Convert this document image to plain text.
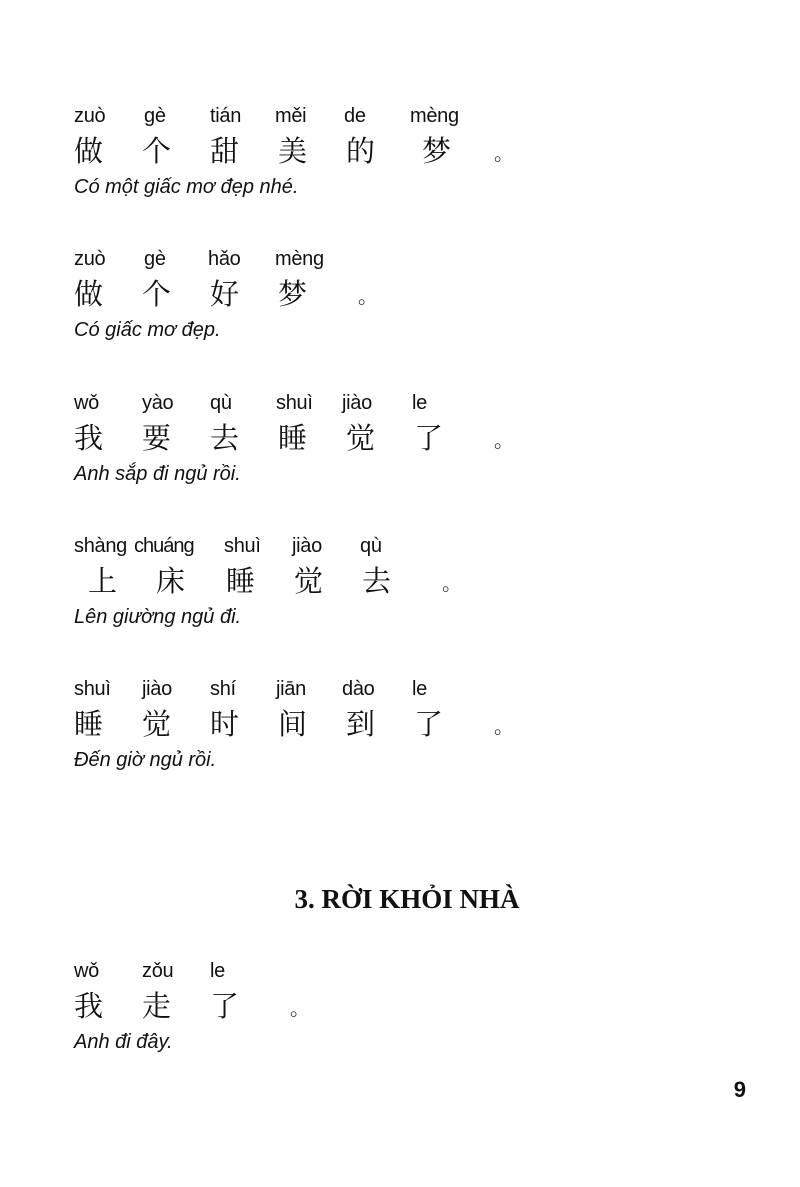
zuò gè tián měi de mèng
做 个 甜 美 的 梦 。
Có một giấc mơ đẹp nhé.
zuò gè hǎo mèng
做 个 好 梦	。
Có giấc mơ đẹp.
wǒ yào qù shuì jiào le
我 要 去 睡 觉 了	。
Anh sắp đi ngủ rồi.
shàng chuáng shuì jiào qù
上 床 睡 觉 去	。
Lên giường ngủ đi.
shuì jiào shí jiān dào le
睡 觉 时 间 到 了	。
Đến giờ ngủ rồi.
3. RỜI KHỎI NHÀ
wǒ zǒu le
我 走 了	。
Anh đi đây.
9
